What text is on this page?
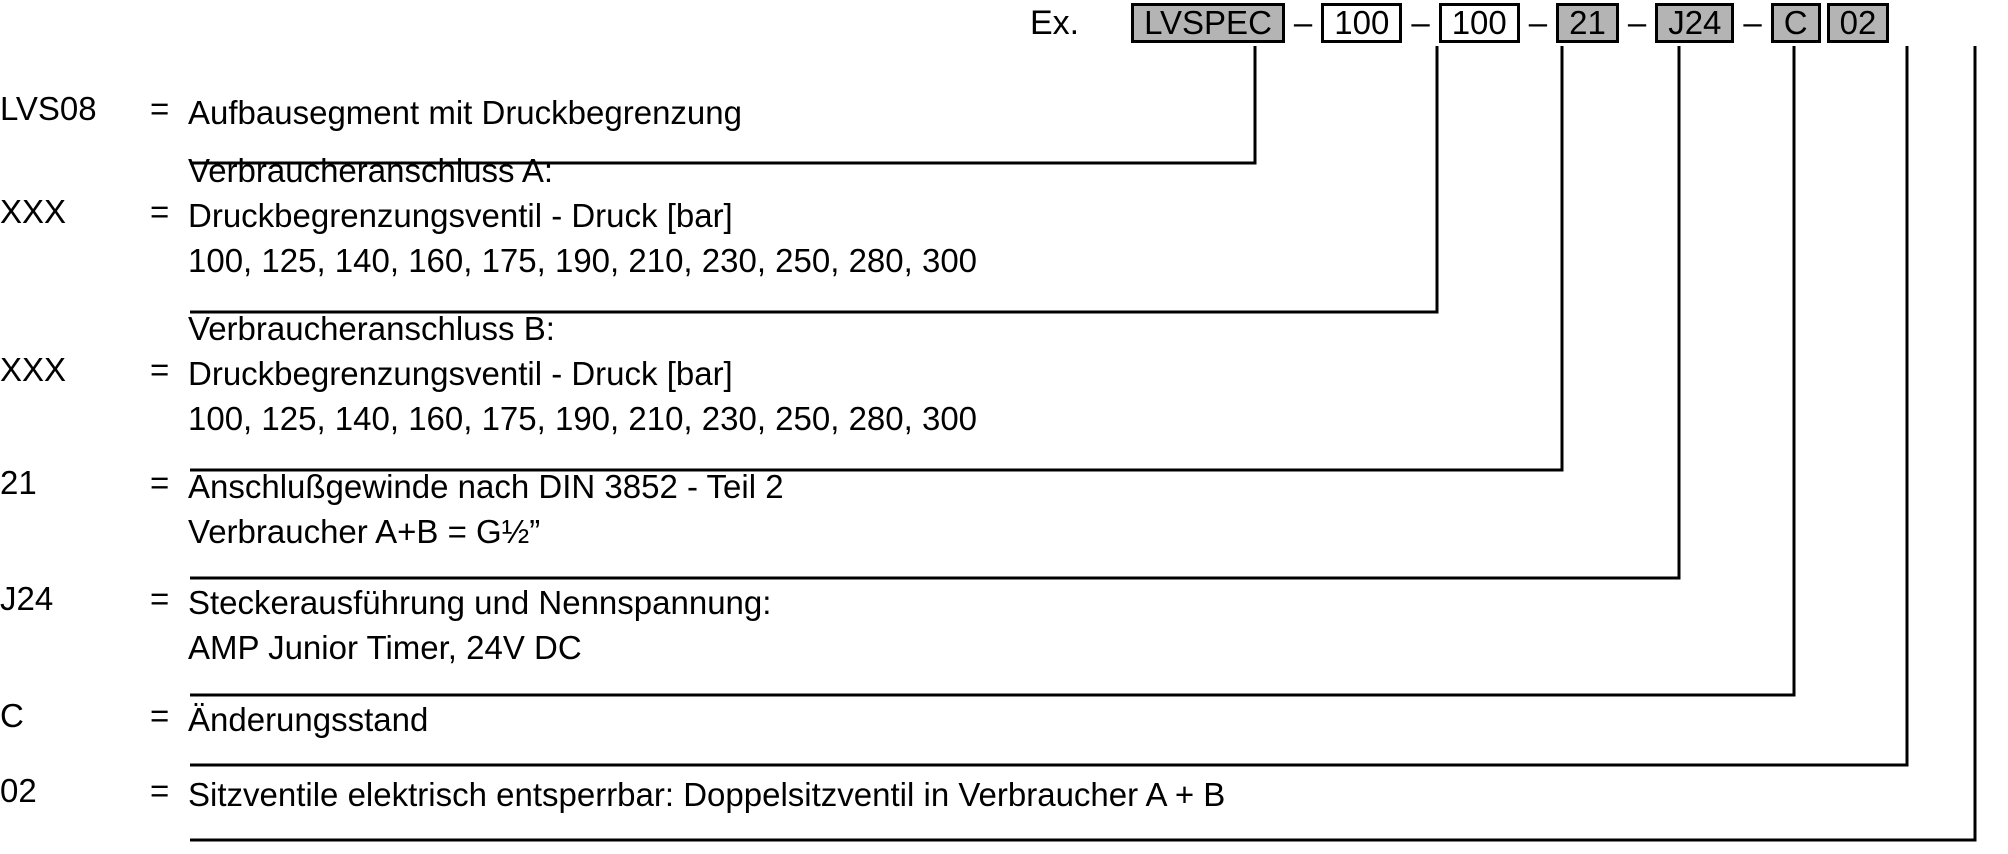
Ex.	LVSPEC – 100 – 100 – 21 – J24 – C 02
LVS08	= Aufbausegment mit Druckbegrenzung
XXX	=
Verbraucheranschluss A:
Druckbegrenzungsventil - Druck [bar]
100, 125, 140, 160, 175, 190, 210, 230, 250, 280, 300
XXX	=
Verbraucheranschluss B:
Druckbegrenzungsventil - Druck [bar]
100, 125, 140, 160, 175, 190, 210, 230, 250, 280, 300
21	= Anschlußgewinde nach DIN 3852 - Teil 2
Verbraucher A+B = G½”
J24	= Steckerausführung und Nennspannung:
AMP Junior Timer, 24V DC
C	= Änderungsstand
02	= Sitzventile elektrisch entsperrbar: Doppelsitzventil in Verbraucher A + B
